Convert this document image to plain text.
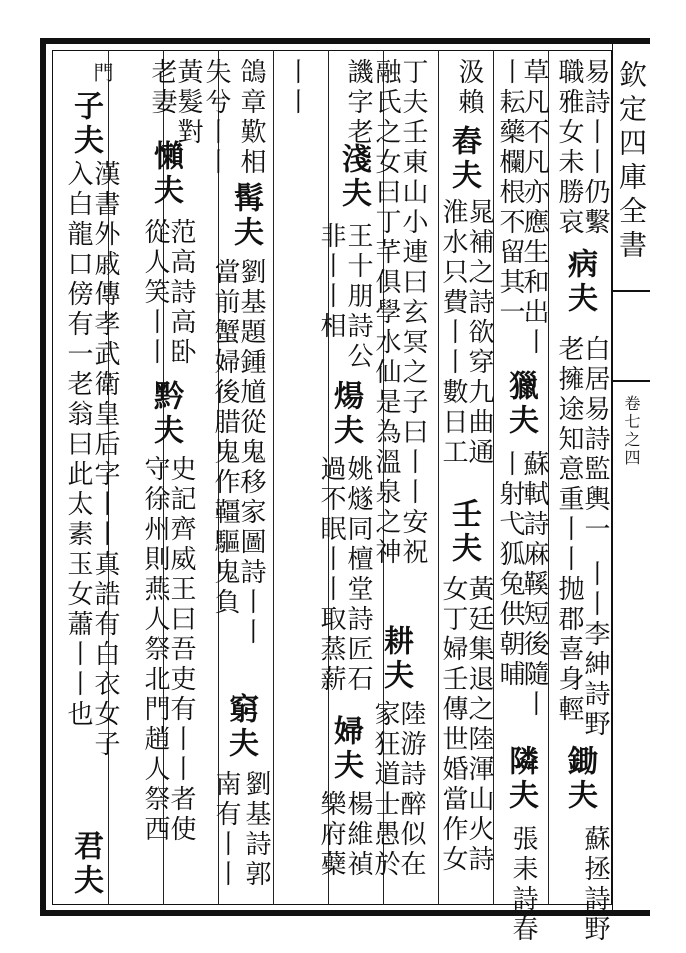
欽定四庫全書
卷七之四
易詩丨丨仍繫
職雅女未勝哀
病夫
白居易詩監輿一
丨丨李紳詩野
老擁途知意重丨丨抛郡喜身輕
鋤夫
蘇拯詩野
草凡不凡亦應生和出丨
丨耘藥欄根不留其一
獵夫
蘇軾詩麻鞵短後隨丨
丨射弋狐兔供朝晡
隣夫
張耒詩春
汲賴
舂夫
晁補之詩欲穿九曲通
淮水只費丨丨數日工
壬夫
黃廷集退之陸渾山火詩
女丁婦壬傳世婚當作女
丁夫壬東山小連曰玄冥之子曰丨丨安祝
融氏之女曰丁芊俱學水仙是為溫泉之神
耕夫
陸游詩醉似在
家狂道士愚於
譏字老
淺夫
王十朋詩公
非丨丨相
煬夫
姚燧同檀堂詩匠石
過不眠丨丨取蒸薪
婦夫
楊維禎
樂府蘗
鴿章歎相 丨丨
髯夫
劉基題鍾馗從鬼移家圖詩丨丨
當前蟹婦後腊鬼作韁驅鬼負
窮夫
劉基詩郭
南有丨丨
失兮丨丨
黃髮對
老妻
懶夫
范高詩高卧
從人笑丨丨
黔夫
史記齊威王曰吾吏有丨丨者使
守徐州則燕人祭北門趙人祭西
門
子夫
漢書外戚傳孝武衛皇后字丨丨真誥有白衣女子
入白龍口傍有一老翁曰此太素玉女蕭丨丨也
君夫
